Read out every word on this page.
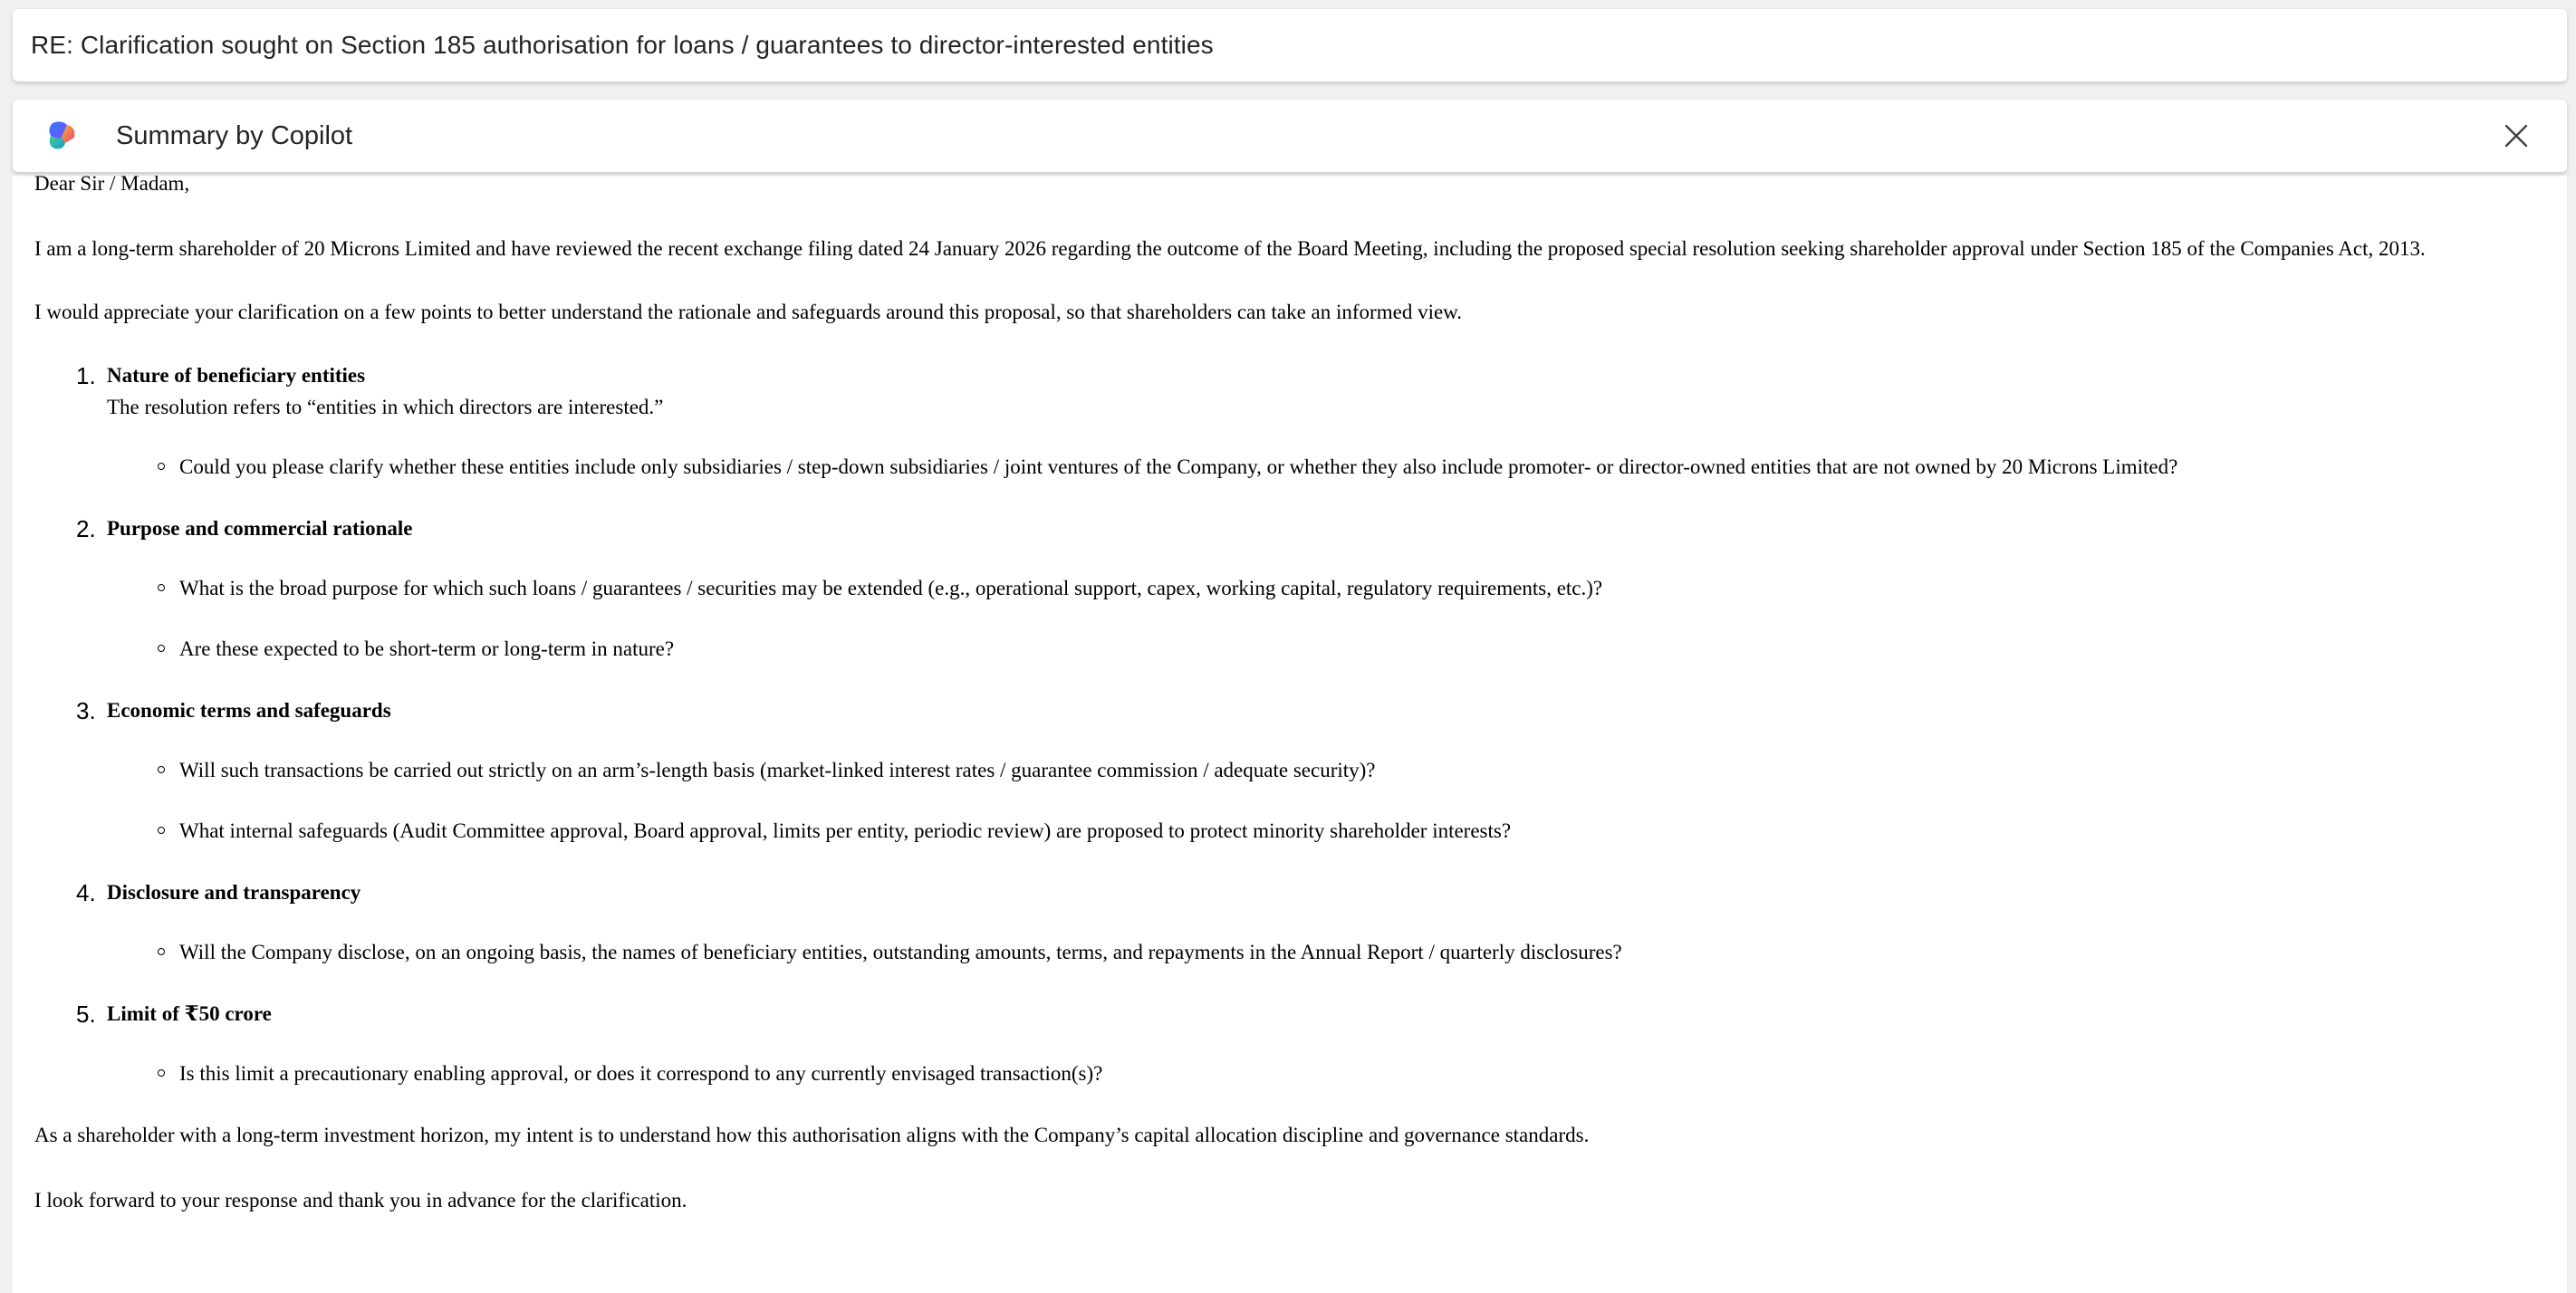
RE: Clarification sought on Section 185 authorisation for loans / guarantees to director-interested entities
Summary by Copilot

Dear Sir / Madam,

I am a long-term shareholder of 20 Microns Limited and have reviewed the recent exchange filing dated 24 January 2026 regarding the outcome of the Board Meeting, including the proposed special resolution seeking shareholder approval under Section 185 of the Companies Act, 2013.

I would appreciate your clarification on a few points to better understand the rationale and safeguards around this proposal, so that shareholders can take an informed view.

1. Nature of beneficiary entities
The resolution refers to “entities in which directors are interested.”
Could you please clarify whether these entities include only subsidiaries / step-down subsidiaries / joint ventures of the Company, or whether they also include promoter- or director-owned entities that are not owned by 20 Microns Limited?
2. Purpose and commercial rationale
What is the broad purpose for which such loans / guarantees / securities may be extended (e.g., operational support, capex, working capital, regulatory requirements, etc.)?
Are these expected to be short-term or long-term in nature?
3. Economic terms and safeguards
Will such transactions be carried out strictly on an arm’s-length basis (market-linked interest rates / guarantee commission / adequate security)?
What internal safeguards (Audit Committee approval, Board approval, limits per entity, periodic review) are proposed to protect minority shareholder interests?
4. Disclosure and transparency
Will the Company disclose, on an ongoing basis, the names of beneficiary entities, outstanding amounts, terms, and repayments in the Annual Report / quarterly disclosures?
5. Limit of ₹50 crore
Is this limit a precautionary enabling approval, or does it correspond to any currently envisaged transaction(s)?

As a shareholder with a long-term investment horizon, my intent is to understand how this authorisation aligns with the Company’s capital allocation discipline and governance standards.

I look forward to your response and thank you in advance for the clarification.
